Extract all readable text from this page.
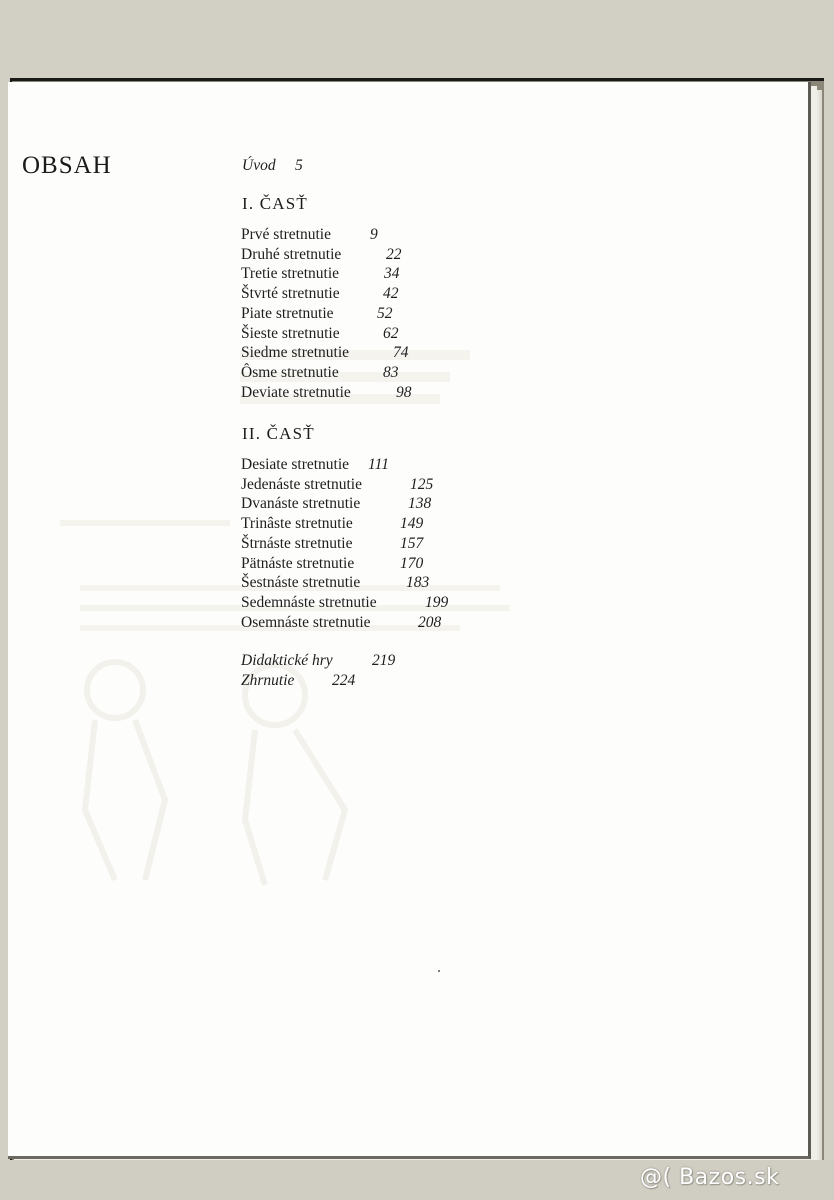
OBSAH	Úvod 5
I. ČASŤ
Prvé stretnutie	9
Druhé stretnutie	22
Tretie stretnutie	34
Štvrté stretnutie	42
Piate stretnutie	52
Šieste stretnutie	62
Siedme stretnutie	74
Ôsme stretnutie	83
Deviate stretnutie	98
II. ČASŤ
Desiate stretnutie 111
Jedenáste stretnutie	125
Dvanáste stretnutie	138
Trinâste stretnutie	149
Štrnáste stretnutie	157
Pätnáste stretnutie	170
Šestnáste stretnutie	183
Sedemnáste stretnutie	199
Osemnáste stretnutie	208
Didaktické hry	219
Zhrnutie 224
@( Bazos.sk
